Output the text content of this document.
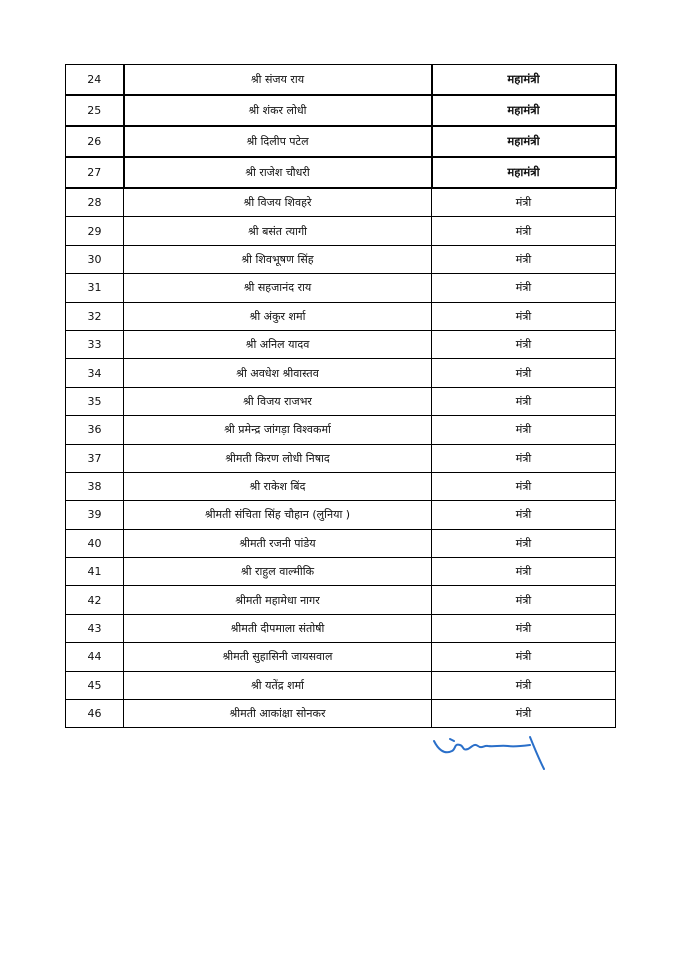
24	श्री संजय राय	महामंत्री
25	श्री शंकर लोधी	महामंत्री
26	श्री दिलीप पटेल	महामंत्री
27	श्री राजेश चौधरी	महामंत्री
28	श्री विजय शिवहरे	मंत्री
29	श्री बसंत त्यागी	मंत्री
30	श्री शिवभूषण सिंह	मंत्री
31	श्री सहजानंद राय	मंत्री
32	श्री अंकुर शर्मा	मंत्री
33	श्री अनिल यादव	मंत्री
34	श्री अवधेश श्रीवास्तव	मंत्री
35	श्री विजय राजभर	मंत्री
36	श्री प्रमेन्द्र जांगड़ा विश्वकर्मा	मंत्री
37	श्रीमती किरण लोधी निषाद	मंत्री
38	श्री राकेश बिंद	मंत्री
39	श्रीमती संचिता सिंह चौहान (लुनिया )	मंत्री
40	श्रीमती रजनी पांडेय	मंत्री
41	श्री राहुल वाल्मीकि	मंत्री
42	श्रीमती महामेधा नागर	मंत्री
43	श्रीमती दीपमाला संतोषी	मंत्री
44	श्रीमती सुहासिनी जायसवाल	मंत्री
45	श्री यतेंद्र शर्मा	मंत्री
46	श्रीमती आकांक्षा सोनकर	मंत्री
